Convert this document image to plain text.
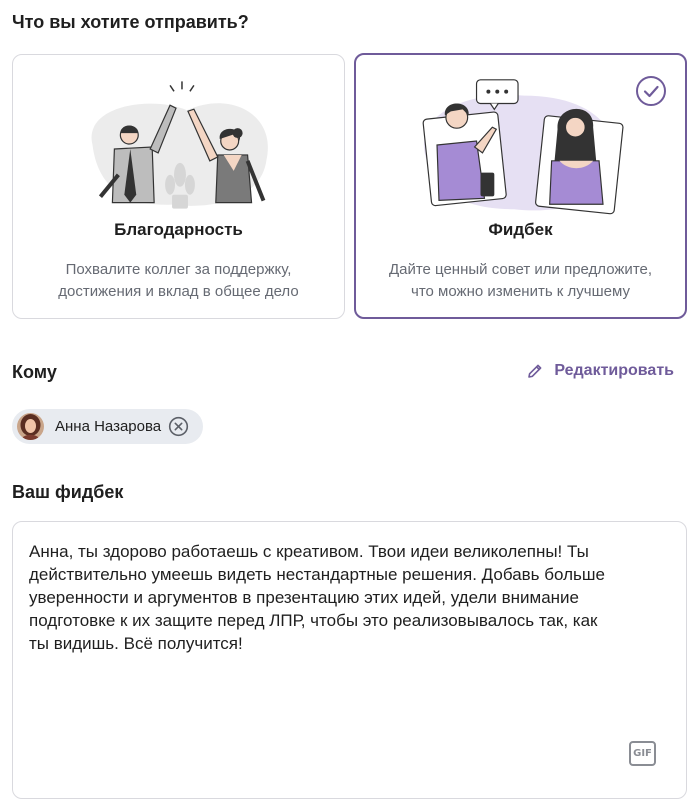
Что вы хотите отправить?
Благодарность
Похвалите коллег за поддержку,
достижения и вклад в общее дело
Фидбек
Дайте ценный совет или предложите,
что можно изменить к лучшему
Кому	Редактировать
Анна Назарова
Ваш фидбек
Анна, ты здорово работаешь с креативом. Твои идеи великолепны! Ты
действительно умеешь видеть нестандартные решения. Добавь больше
уверенности и аргументов в презентацию этих идей, удели внимание
подготовке к их защите перед ЛПР, чтобы это реализовывалось так, как
ты видишь. Всё получится!
GIF
